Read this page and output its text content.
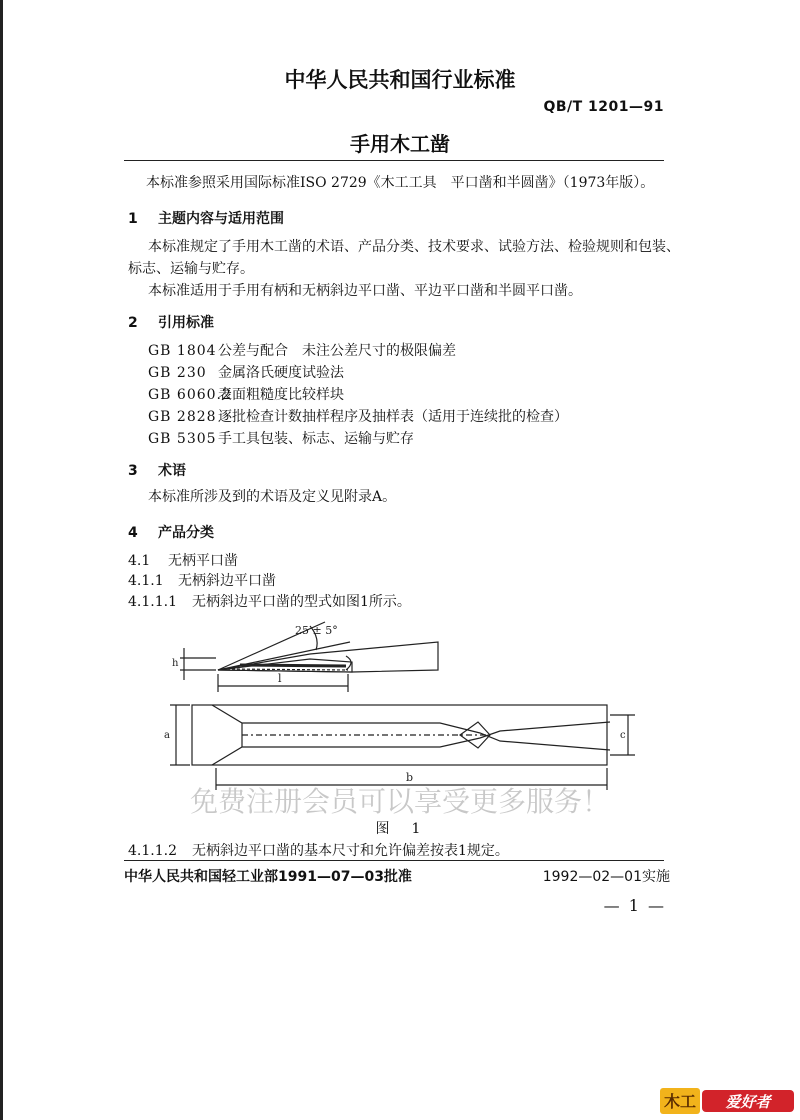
中华人民共和国行业标准
QB/T 1201—91
手用木工凿
本标准参照采用国际标准ISO 2729《木工工具　平口凿和半圆凿》（1973年版）。
1 主题内容与适用范围
本标准规定了手用木工凿的术语、产品分类、技术要求、试验方法、检验规则和包装、
标志、运输与贮存。
本标准适用于手用有柄和无柄斜边平口凿、平边平口凿和半圆平口凿。
2 引用标准
GB 1804公差与配合　未注公差尺寸的极限偏差
GB 230 金属洛氏硬度试验法
GB 6060.2表面粗糙度比较样块
GB 2828逐批检查计数抽样程序及抽样表（适用于连续批的检查）
GB 5305手工具包装、标志、运输与贮存
3 术语
本标准所涉及到的术语及定义见附录A。
4 产品分类
4.1 无柄平口凿
4.1.1 无柄斜边平口凿
4.1.1.1 无柄斜边平口凿的型式如图1所示。
25 ± 5°
h
l
a	c
b
免费注册会员可以享受更多服务！
图　1
4.1.1.2 无柄斜边平口凿的基本尺寸和允许偏差按表1规定。
中华人民共和国轻工业部1991—07—03批准	1992—02—01实施
— 1 —
木工 爱好者
